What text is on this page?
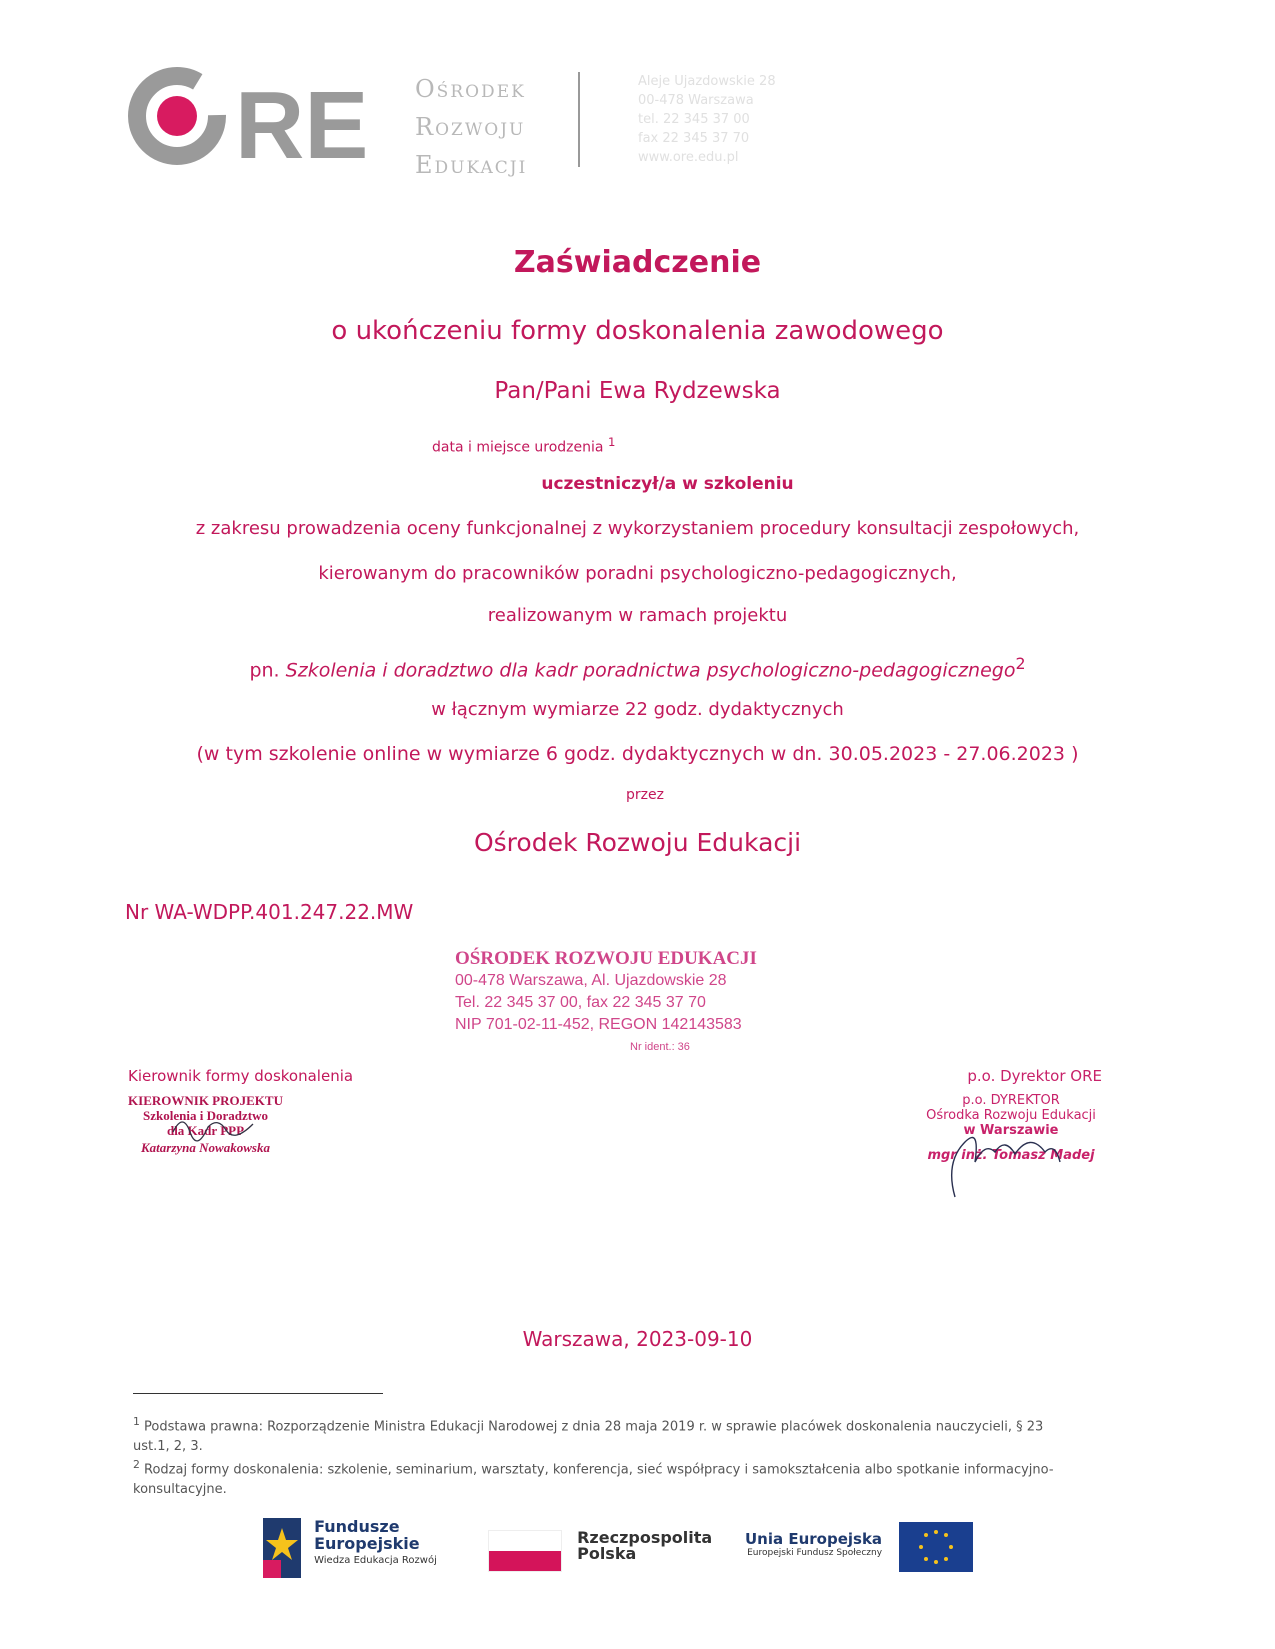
RE Ośrodek
Rozwoju
Edukacji
Aleje Ujazdowskie 28
00-478 Warszawa
tel. 22 345 37 00
fax 22 345 37 70
www.ore.edu.pl
Zaświadczenie
o ukończeniu formy doskonalenia zawodowego
Pan/Pani Ewa Rydzewska
data i miejsce urodzenia $^1$
uczestniczył/a w szkoleniu
z zakresu prowadzenia oceny funkcjonalnej z wykorzystaniem procedury konsultacji zespołowych,
kierowanym do pracowników poradni psychologiczno-pedagogicznych,
realizowanym w ramach projektu
pn. Szkolenia i doradztwo dla kadr poradnictwa psychologiczno-pedagogicznego$^2$
w łącznym wymiarze 22 godz. dydaktycznych
(w tym szkolenie online w wymiarze 6 godz. dydaktycznych w dn. 30.05.2023 - 27.06.2023 )
przez
Ośrodek Rozwoju Edukacji
Nr WA-WDPP.401.247.22.MW
OŚRODEK ROZWOJU EDUKACJI
00-478 Warszawa, Al. Ujazdowskie 28
Tel. 22 345 37 00, fax 22 345 37 70
NIP 701-02-11-452, REGON 142143583
Nr ident.: 36
Kierownik formy doskonalenia
KIEROWNIK PROJEKTU
Szkolenia i Doradztwo
dla Kadr PPP
Katarzyna Nowakowska
p.o. Dyrektor ORE
p.o. DYREKTOR
Ośrodka Rozwoju Edukacji
w Warszawie
mgr inż. Tomasz Madej
Warszawa, 2023-09-10
$^1$ Podstawa prawna: Rozporządzenie Ministra Edukacji Narodowej z dnia 28 maja 2019 r. w sprawie placówek doskonalenia nauczycieli, § 23 ust.1, 2, 3.
$^2$ Rodzaj formy doskonalenia: szkolenie, seminarium, warsztaty, konferencja, sieć współpracy i samokształcenia albo spotkanie informacyjno-konsultacyjne.

Fundusze
Europejskie
Wiedza Edukacja Rozwój

Rzeczpospolita
Polska
Unia Europejska
Europejski Fundusz Społeczny
